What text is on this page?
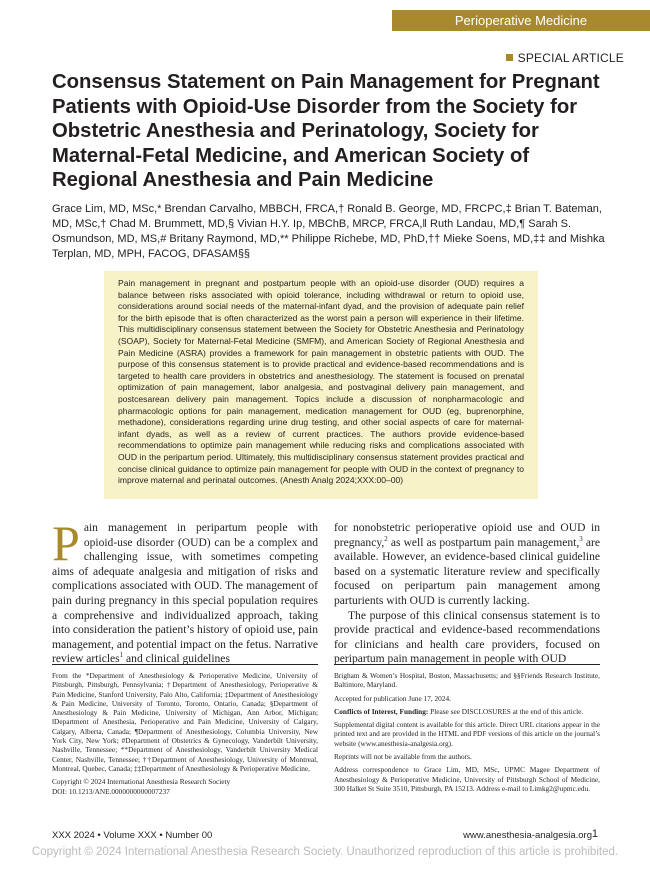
Perioperative Medicine
SPECIAL ARTICLE
Consensus Statement on Pain Management for Pregnant Patients with Opioid-Use Disorder from the Society for Obstetric Anesthesia and Perinatology, Society for Maternal-Fetal Medicine, and American Society of Regional Anesthesia and Pain Medicine

Grace Lim, MD, MSc,* Brendan Carvalho, MBBCH, FRCA,† Ronald B. George, MD, FRCPC,‡ Brian T. Bateman, MD, MSc,† Chad M. Brummett, MD,§ Vivian H.Y. Ip, MBChB, MRCP, FRCA,‖ Ruth Landau, MD,¶ Sarah S. Osmundson, MD, MS,# Britany Raymond, MD,** Philippe Richebe, MD, PhD,†† Mieke Soens, MD,‡‡ and Mishka Terplan, MD, MPH, FACOG, DFASAM§§

Pain management in pregnant and postpartum people with an opioid-use disorder (OUD) requires a balance between risks associated with opioid tolerance, including withdrawal or return to opioid use, considerations around social needs of the maternal-infant dyad, and the provision of adequate pain relief for the birth episode that is often characterized as the worst pain a person will experience in their lifetime. This multidisciplinary consensus statement between the Society for Obstetric Anesthesia and Perinatology (SOAP), Society for Maternal-Fetal Medicine (SMFM), and American Society of Regional Anesthesia and Pain Medicine (ASRA) provides a framework for pain management in obstetric patients with OUD. The purpose of this consensus statement is to provide practical and evidence-based recommendations and is targeted to health care providers in obstetrics and anesthesiology. The statement is focused on prenatal optimization of pain management, labor analgesia, and postvaginal delivery pain management, and postcesarean delivery pain management. Topics include a discussion of nonpharmacologic and pharmacologic options for pain management, medication management for OUD (eg, buprenorphine, methadone), considerations regarding urine drug testing, and other social aspects of care for maternal-infant dyads, as well as a review of current practices. The authors provide evidence-based recommendations to optimize pain management while reducing risks and complications associated with OUD in the peripartum period. Ultimately, this multidisciplinary consensus statement provides practical and concise clinical guidance to optimize pain management for people with OUD in the context of pregnancy to improve maternal and perinatal outcomes. (Anesth Analg 2024;XXX:00–00)

Pain management in peripartum people with opioid-use disorder (OUD) can be a complex and challenging issue, with sometimes competing aims of adequate analgesia and mitigation of risks and complications associated with OUD. The management of pain during pregnancy in this special population requires a comprehensive and individualized approach, taking into consideration the patient’s history of opioid use, pain management, and potential impact on the fetus. Narrative review articles$^1$ and clinical guidelines

for nonobstetric perioperative opioid use and OUD in pregnancy,$^2$ as well as postpartum pain management,$^3$ are available. However, an evidence-based clinical guideline based on a systematic literature review and specifically focused on peripartum pain management among parturients with OUD is currently lacking.

The purpose of this clinical consensus statement is to provide practical and evidence-based recommendations for clinicians and health care providers, focused on peripartum pain management in people with OUD

From the *Department of Anesthesiology & Perioperative Medicine, University of Pittsburgh, Pittsburgh, Pennsylvania; †Department of Anesthesiology, Perioperative & Pain Medicine, Stanford University, Palo Alto, California; ‡Department of Anesthesiology & Pain Medicine, University of Toronto, Toronto, Ontario, Canada; §Department of Anesthesiology & Pain Medicine, University of Michigan, Ann Arbor, Michigan; ‖Department of Anesthesia, Perioperative and Pain Medicine, University of Calgary, Calgary, Alberta, Canada; ¶Department of Anesthesiology, Columbia University, New York City, New York; #Department of Obstetrics & Gynecology, Vanderbilt University, Nashville, Tennessee; **Department of Anesthesiology, Vanderbilt University Medical Center, Nashville, Tennessee; ††Department of Anesthesiology, University of Montreal, Montreal, Quebec, Canada; ‡‡Department of Anesthesiology & Perioperative Medicine,

Copyright © 2024 International Anesthesia Research Society

DOI: 10.1213/ANE.0000000000007237

Brigham & Women’s Hospital, Boston, Massachusetts; and §§Friends Research Institute, Baltimore, Maryland.

Accepted for publication June 17, 2024.

Conflicts of Interest, Funding: Please see DISCLOSURES at the end of this article.

Supplemental digital content is available for this article. Direct URL citations appear in the printed text and are provided in the HTML and PDF versions of this article on the journal’s website (www.anesthesia-analgesia.org).

Reprints will not be available from the authors.

Address correspondence to Grace Lim, MD, MSc, UPMC Magee Department of Anesthesiology & Perioperative Medicine, University of Pittsburgh School of Medicine, 300 Halket St Suite 3510, Pittsburgh, PA 15213. Address e-mail to Limkg2@upmc.edu.

XXX 2024 • Volume XXX • Number 00	www.anesthesia-analgesia.org 1
Copyright © 2024 International Anesthesia Research Society. Unauthorized reproduction of this article is prohibited.
